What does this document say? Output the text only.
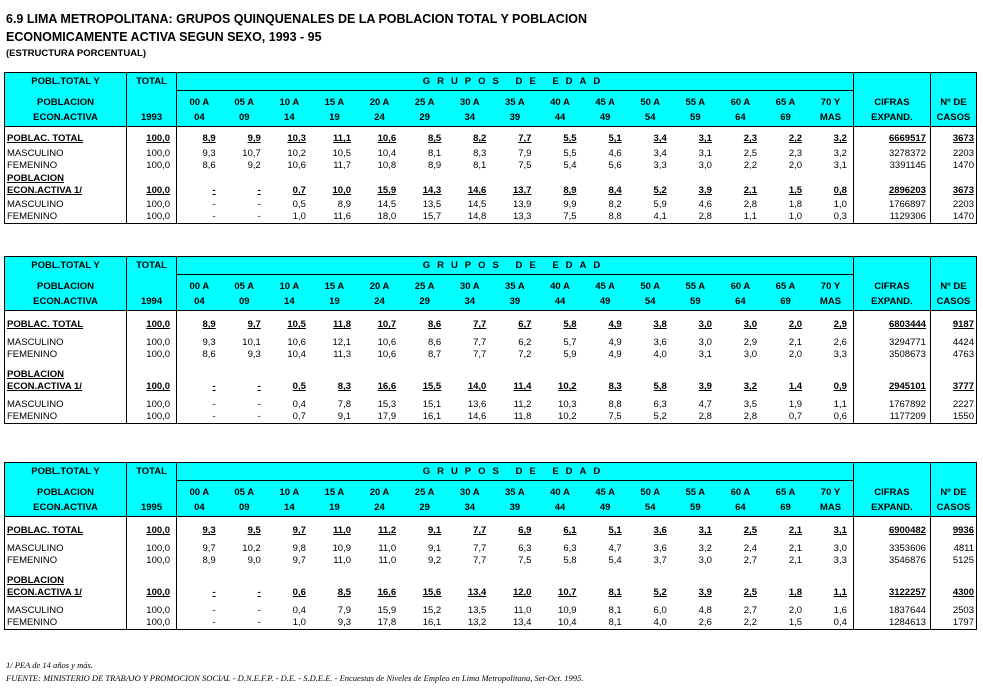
6.9 LIMA METROPOLITANA: GRUPOS QUINQUENALES DE LA POBLACION TOTAL Y POBLACION
ECONOMICAMENTE ACTIVA SEGUN SEXO, 1993 - 95
(ESTRUCTURA PORCENTUAL)
POBL.TOTAL Y	TOTAL	GRUPOS DE EDAD																

POBLACION		00 A	05 A	10 A	15 A	20 A	25 A	30 A	35 A	40 A	45 A	50 A	55 A	60 A	65 A	70 Y	CIFRAS	Nº DE
ECON.ACTIVA	1993	04	09	14	19	24	29	34	39	44	49	54	59	64	69	MAS	EXPAND.	CASOS

POBLAC. TOTAL	100,0	8,9	9,9	10,3	11,1	10,6	8,5	8,2	7,7	5,5	5,1	3,4	3,1	2,3	2,2	3,2	6669517	3673

MASCULINO	100,0	9,3	10,7	10,2	10,5	10,4	8,1	8,3	7,9	5,5	4,6	3,4	3,1	2,5	2,3	3,2	3278372	2203
FEMENINO	100,0	8,6	9,2	10,6	11,7	10,8	8,9	8,1	7,5	5,4	5,6	3,3	3,0	2,2	2,0	3,1	3391145	1470

POBLACION																		
ECON.ACTIVA 1/	100,0	-	-	0,7	10,0	15,9	14,3	14,6	13,7	8,9	8,4	5,2	3,9	2,1	1,5	0,8	2896203	3673

MASCULINO	100,0	-	-	0,5	8,9	14,5	13,5	14,5	13,9	9,9	8,2	5,9	4,6	2,8	1,8	1,0	1766897	2203
FEMENINO	100,0	-	-	1,0	11,6	18,0	15,7	14,8	13,3	7,5	8,8	4,1	2,8	1,1	1,0	0,3	1129306	1470
POBL.TOTAL Y	TOTAL	GRUPOS DE EDAD																

POBLACION		00 A	05 A	10 A	15 A	20 A	25 A	30 A	35 A	40 A	45 A	50 A	55 A	60 A	65 A	70 Y	CIFRAS	Nº DE
ECON.ACTIVA	1994	04	09	14	19	24	29	34	39	44	49	54	59	64	69	MAS	EXPAND.	CASOS

POBLAC. TOTAL	100,0	8,9	9,7	10,5	11,8	10,7	8,6	7,7	6,7	5,8	4,9	3,8	3,0	3,0	2,0	2,9	6803444	9187

MASCULINO	100,0	9,3	10,1	10,6	12,1	10,6	8,6	7,7	6,2	5,7	4,9	3,6	3,0	2,9	2,1	2,6	3294771	4424
FEMENINO	100,0	8,6	9,3	10,4	11,3	10,6	8,7	7,7	7,2	5,9	4,9	4,0	3,1	3,0	2,0	3,3	3508673	4763

POBLACION																		
ECON.ACTIVA 1/	100,0	-	-	0,5	8,3	16,6	15,5	14,0	11,4	10,2	8,3	5,8	3,9	3,2	1,4	0,9	2945101	3777

MASCULINO	100,0	-	-	0,4	7,8	15,3	15,1	13,6	11,2	10,3	8,8	6,3	4,7	3,5	1,9	1,1	1767892	2227
FEMENINO	100,0	-	-	0,7	9,1	17,9	16,1	14,6	11,8	10,2	7,5	5,2	2,8	2,8	0,7	0,6	1177209	1550
POBL.TOTAL Y	TOTAL	GRUPOS DE EDAD																

POBLACION		00 A	05 A	10 A	15 A	20 A	25 A	30 A	35 A	40 A	45 A	50 A	55 A	60 A	65 A	70 Y	CIFRAS	Nº DE
ECON.ACTIVA	1995	04	09	14	19	24	29	34	39	44	49	54	59	64	69	MAS	EXPAND.	CASOS

POBLAC. TOTAL	100,0	9,3	9,5	9,7	11,0	11,2	9,1	7,7	6,9	6,1	5,1	3,6	3,1	2,5	2,1	3,1	6900482	9936

MASCULINO	100,0	9,7	10,2	9,8	10,9	11,0	9,1	7,7	6,3	6,3	4,7	3,6	3,2	2,4	2,1	3,0	3353606	4811
FEMENINO	100,0	8,9	9,0	9,7	11,0	11,0	9,2	7,7	7,5	5,8	5,4	3,7	3,0	2,7	2,1	3,3	3546876	5125

POBLACION																		
ECON.ACTIVA 1/	100,0	-	-	0,6	8,5	16,6	15,6	13,4	12,0	10,7	8,1	5,2	3,9	2,5	1,8	1,1	3122257	4300

MASCULINO	100,0	-	-	0,4	7,9	15,9	15,2	13,5	11,0	10,9	8,1	6,0	4,8	2,7	2,0	1,6	1837644	2503
FEMENINO	100,0	-	-	1,0	9,3	17,8	16,1	13,2	13,4	10,4	8,1	4,0	2,6	2,2	1,5	0,4	1284613	1797
1/ PEA de 14 años y más.
FUENTE: MINISTERIO DE TRABAJO Y PROMOCION SOCIAL - D.N.E.F.P. - D.E. - S.D.E.E. - Encuestas de Niveles de Empleo en Lima Metropolitana, Set-Oct. 1995.
